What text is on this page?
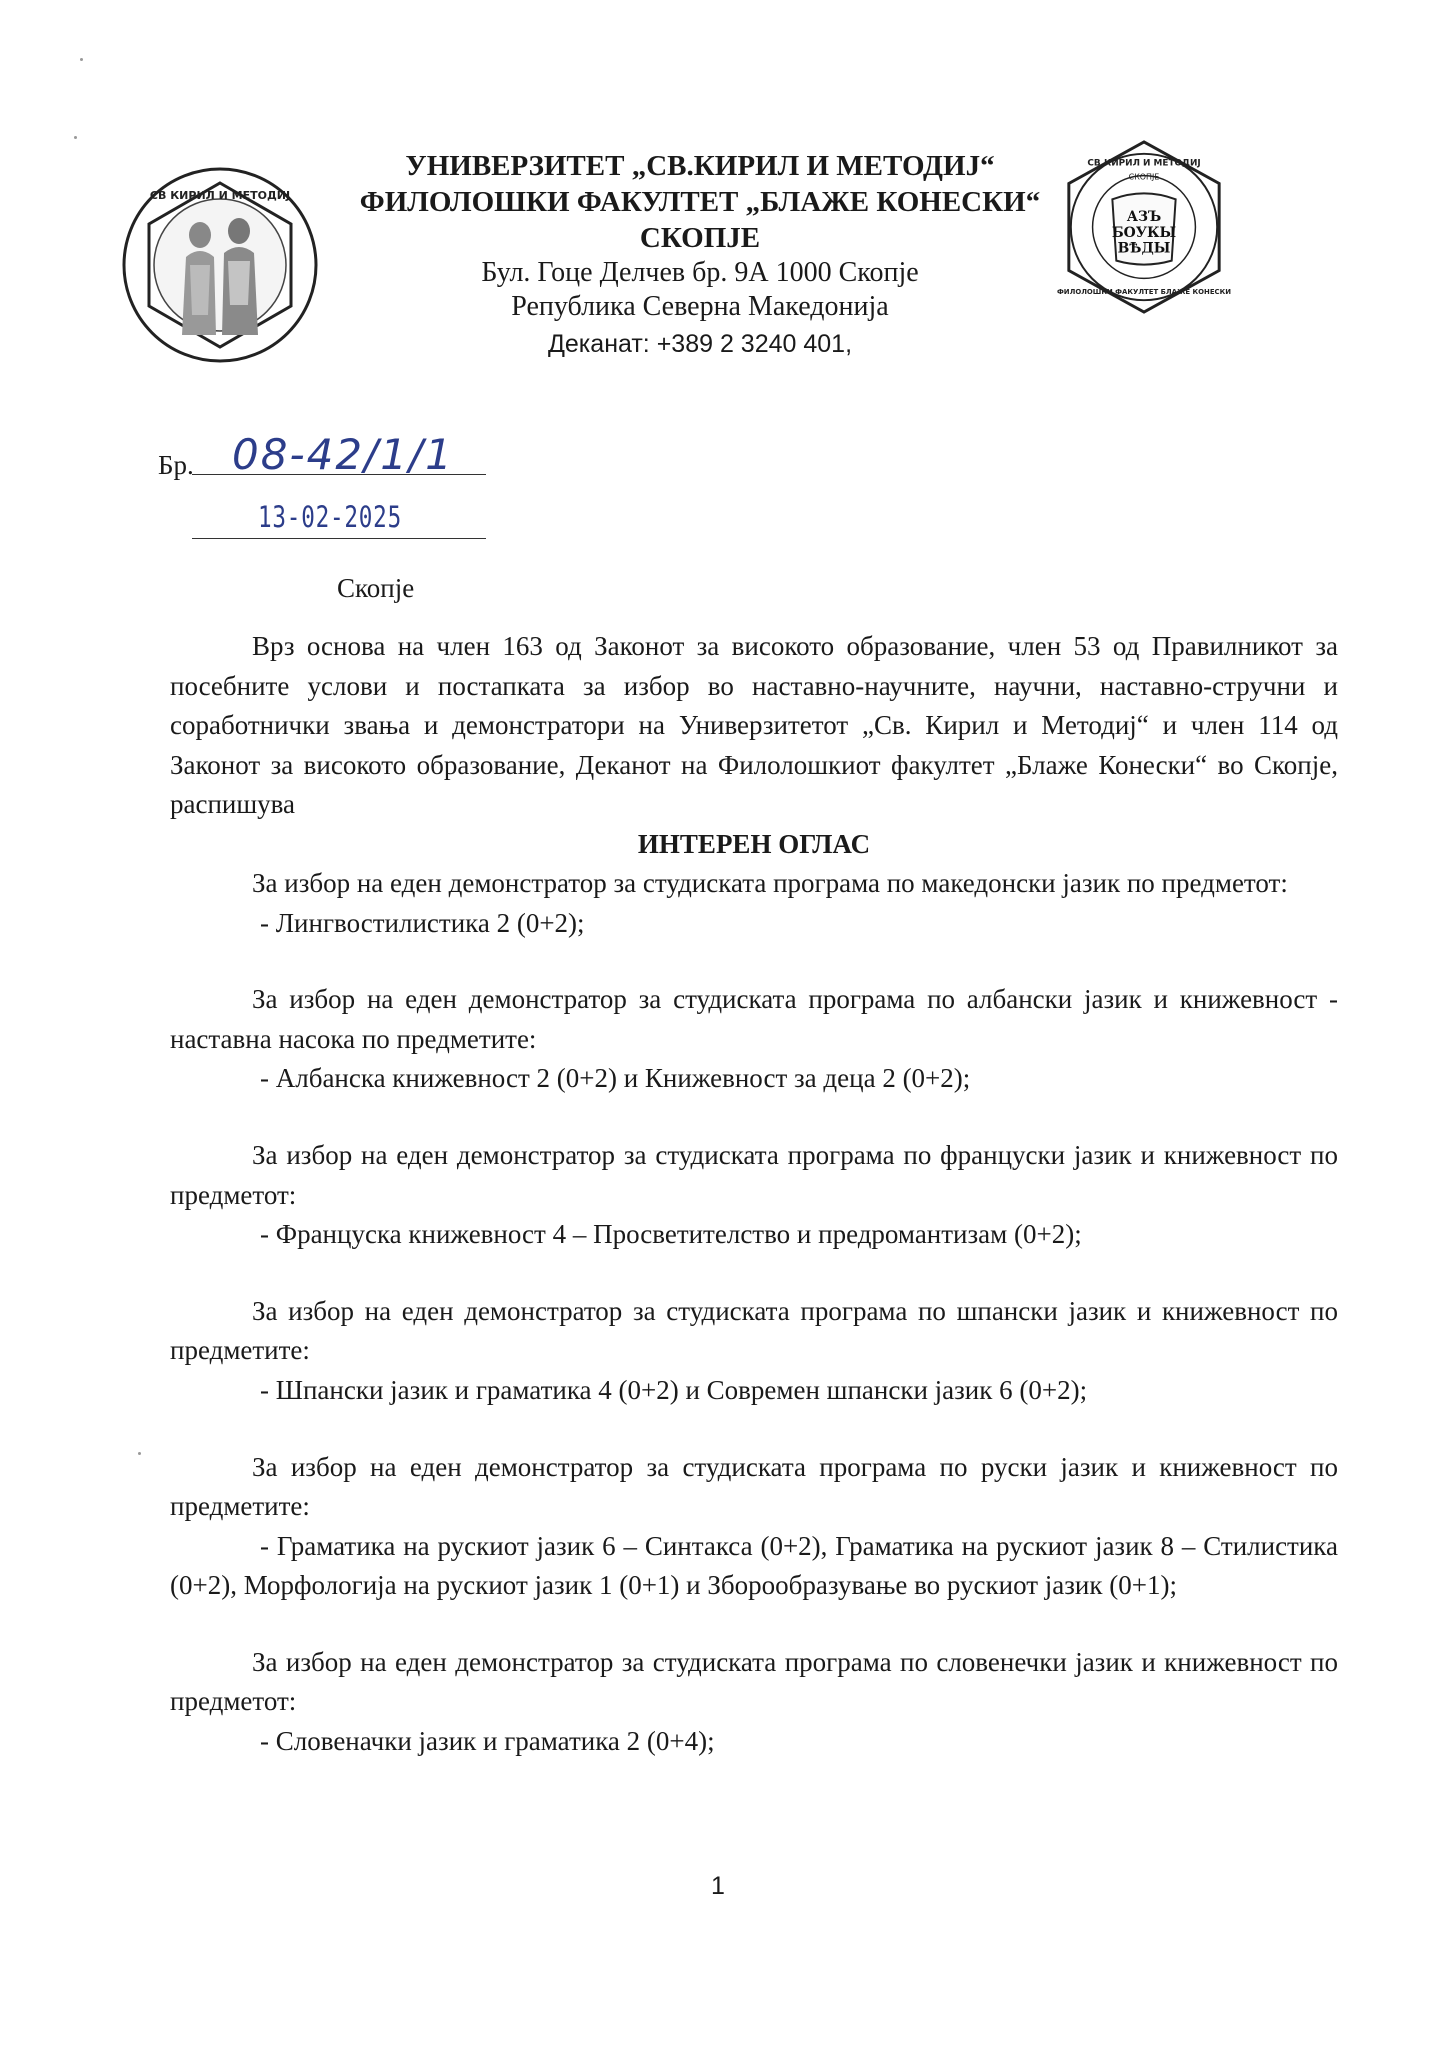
СВ КИРИЛ И МЕТОДИЈ
СВ.КИРИЛ И МЕТОДИЈ
СКОПЈЕ
АЗЪ
БОУКЫ
ВѢДЫ
ФИЛОЛОШКИ ФАКУЛТЕТ БЛАЖЕ КОНЕСКИ
УНИВЕРЗИТЕТ „СВ.КИРИЛ И МЕТОДИЈ“
ФИЛОЛОШКИ ФАКУЛТЕТ „БЛАЖЕ КОНЕСКИ“
СКОПЈЕ
Бул. Гоце Делчев бр. 9А 1000 Скопје
Република Северна Македонија
Деканат: +389 2 3240 401,
Бр. 08-42/1/1
13-02-2025
Скопје

Врз основа на член 163 од Законот за високото образование, член 53 од Правилникот за посебните услови и постапката за избор во наставно-научните, научни, наставно-стручни и соработнички звања и демонстратори на Универзитетот „Св. Кирил и Методиј“ и член 114 од Законот за високото образование, Деканот на Филолошкиот факултет „Блаже Конески“ во Скопје, распишува

ИНТЕРЕН ОГЛАС

За избор на еден демонстратор за студиската програма по македонски јазик по предметот:

- Лингвостилистика 2 (0+2);

За избор на еден демонстратор за студиската програма по албански јазик и книжевност - наставна насока по предметите:

- Албанска книжевност 2 (0+2) и Книжевност за деца 2 (0+2);

За избор на еден демонстратор за студиската програма по француски јазик и книжевност по предметот:

- Француска книжевност 4 – Просветителство и предромантизам (0+2);

За избор на еден демонстратор за студиската програма по шпански јазик и книжевност по предметите:

- Шпански јазик и граматика 4 (0+2) и Современ шпански јазик 6 (0+2);

За избор на еден демонстратор за студиската програма по руски јазик и книжевност по предметите:

- Граматика на рускиот јазик 6 – Синтакса (0+2), Граматика на рускиот јазик 8 – Стилистика (0+2), Морфологија на рускиот јазик 1 (0+1) и Зборообразување во рускиот јазик (0+1);

За избор на еден демонстратор за студиската програма по словенечки јазик и книжевност по предметот:

- Словеначки јазик и граматика 2 (0+4);

1
